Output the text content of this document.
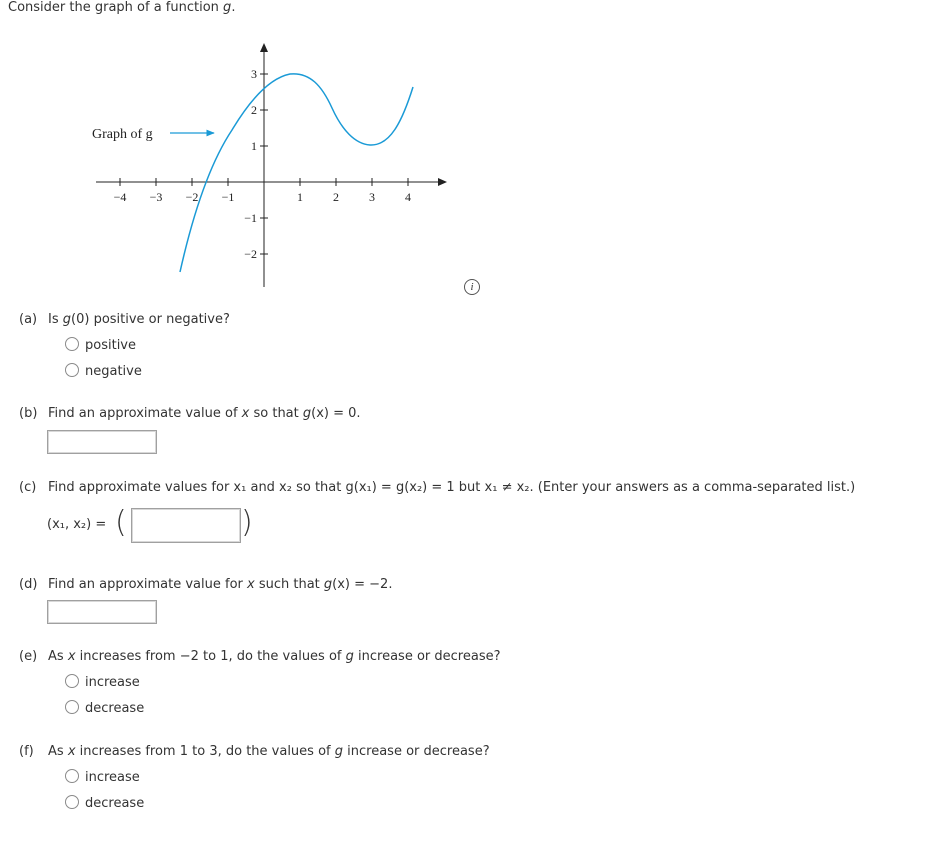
Consider the graph of a function g.
−4 −3 −2 −1	1	2	3	4
3
2
1
−1
−2
Graph of g
i
(a) Is g(0) positive or negative?
positive
negative
(b) Find an approximate value of x so that g(x) = 0.
(c) Find approximate values for x₁ and x₂ so that g(x₁) = g(x₂) = 1 but x₁ ≠ x₂. (Enter your answers as a comma-separated list.)
(x₁, x₂) = (	)
(d) Find an approximate value for x such that g(x) = −2.
(e) As x increases from −2 to 1, do the values of g increase or decrease?
increase
decrease
(f) As x increases from 1 to 3, do the values of g increase or decrease?
increase
decrease
